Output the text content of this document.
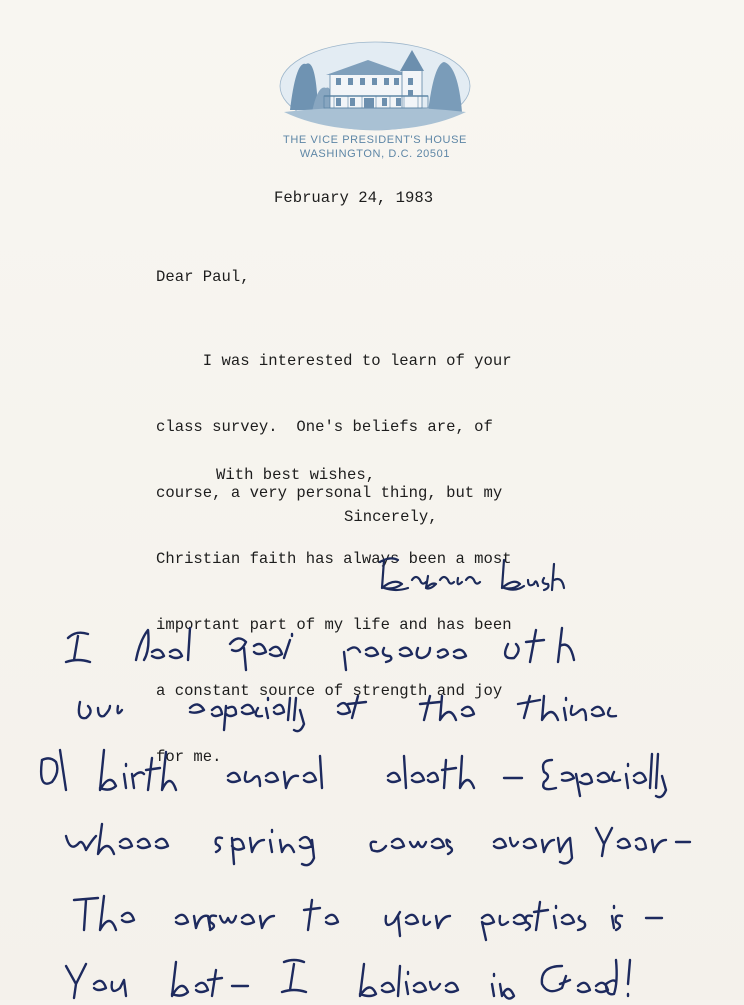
THE VICE PRESIDENT'S HOUSE
WASHINGTON, D.C. 20501
February 24, 1983
Dear Paul,

I was interested to learn of your

class survey.  One's beliefs are, of

course, a very personal thing, but my

Christian faith has always been a most

important part of my life and has been

a constant source of strength and joy

for me.

With best wishes,
Sincerely,
